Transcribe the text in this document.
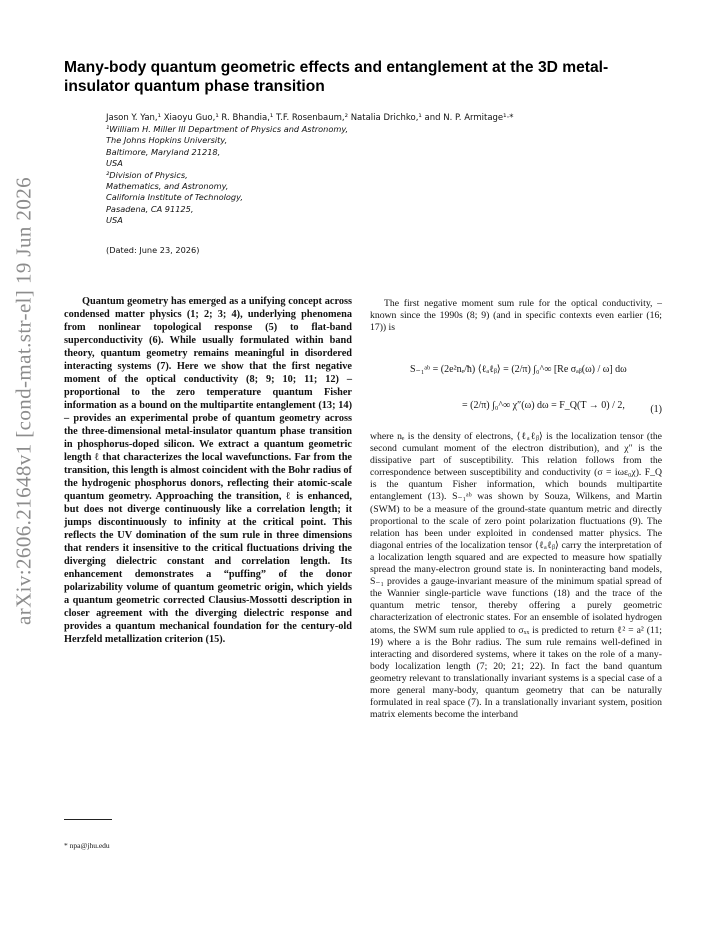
arXiv:2606.21648v1 [cond-mat.str-el] 19 Jun 2026
Many-body quantum geometric effects and entanglement at the 3D metal-insulator quantum phase transition
Jason Y. Yan,¹ Xiaoyu Guo,¹ R. Bhandia,¹ T.F. Rosenbaum,² Natalia Drichko,¹ and N. P. Armitage¹·*
¹William H. Miller III Department of Physics and Astronomy,
The Johns Hopkins University,
Baltimore, Maryland 21218,
USA
²Division of Physics,
Mathematics, and Astronomy,
California Institute of Technology,
Pasadena, CA 91125,
USA
(Dated: June 23, 2026)

Quantum geometry has emerged as a unifying concept across condensed matter physics (1; 2; 3; 4), underlying phenomena from nonlinear topological response (5) to flat-band superconductivity (6). While usually formulated within band theory, quantum geometry remains meaningful in disordered interacting systems (7). Here we show that the first negative moment of the optical conductivity (8; 9; 10; 11; 12) – proportional to the zero temperature quantum Fisher information as a bound on the multipartite entanglement (13; 14) – provides an experimental probe of quantum geometry across the three-dimensional metal-insulator quantum phase transition in phosphorus-doped silicon. We extract a quantum geometric length ℓ that characterizes the local wavefunctions. Far from the transition, this length is almost coincident with the Bohr radius of the hydrogenic phosphorus donors, reflecting their atomic-scale quantum geometry. Approaching the transition, ℓ is enhanced, but does not diverge continuously like a correlation length; it jumps discontinuously to infinity at the critical point. This reflects the UV domination of the sum rule in three dimensions that renders it insensitive to the critical fluctuations driving the diverging dielectric constant and correlation length. Its enhancement demonstrates a “puffing” of the donor polarizability volume of quantum geometric origin, which yields a quantum geometric corrected Clausius-Mossotti description in closer agreement with the diverging dielectric response and provides a quantum mechanical foundation for the century-old Herzfeld metallization criterion (15).

* npa@jhu.edu

The first negative moment sum rule for the optical conductivity, – known since the 1990s (8; 9) (and in specific contexts even earlier (16; 17)) is

S₋₁ᵃᵇ = (2e²nₑ/ħ) ⟨ℓₐℓᵦ⟩ = (2/π) ∫₀^∞ [Re σₐᵦ(ω) / ω] dω
= (2/π) ∫₀^∞ χ″(ω) dω = F_Q(T → 0) / 2,	(1)

where nₑ is the density of electrons, ⟨ℓₐℓᵦ⟩ is the localization tensor (the second cumulant moment of the electron distribution), and χ″ is the dissipative part of susceptibility. This relation follows from the correspondence between susceptibility and conductivity (σ = iωε₀χ). F_Q is the quantum Fisher information, which bounds multipartite entanglement (13). S₋₁ᵃᵇ was shown by Souza, Wilkens, and Martin (SWM) to be a measure of the ground-state quantum metric and directly proportional to the scale of zero point polarization fluctuations (9). The relation has been under exploited in condensed matter physics. The diagonal entries of the localization tensor ⟨ℓₐℓᵦ⟩ carry the interpretation of a localization length squared and are expected to measure how spatially spread the many-electron ground state is. In noninteracting band models, S₋₁ provides a gauge-invariant measure of the minimum spatial spread of the Wannier single-particle wave functions (18) and the trace of the quantum metric tensor, thereby offering a purely geometric characterization of electronic states. For an ensemble of isolated hydrogen atoms, the SWM sum rule applied to σₓₓ is predicted to return ℓ² = a² (11; 19) where a is the Bohr radius. The sum rule remains well-defined in interacting and disordered systems, where it takes on the role of a many-body localization length (7; 20; 21; 22). In fact the band quantum geometry relevant to translationally invariant systems is a special case of a more general many-body, quantum geometry that can be naturally formulated in real space (7). In a translationally invariant system, position matrix elements become the interband
